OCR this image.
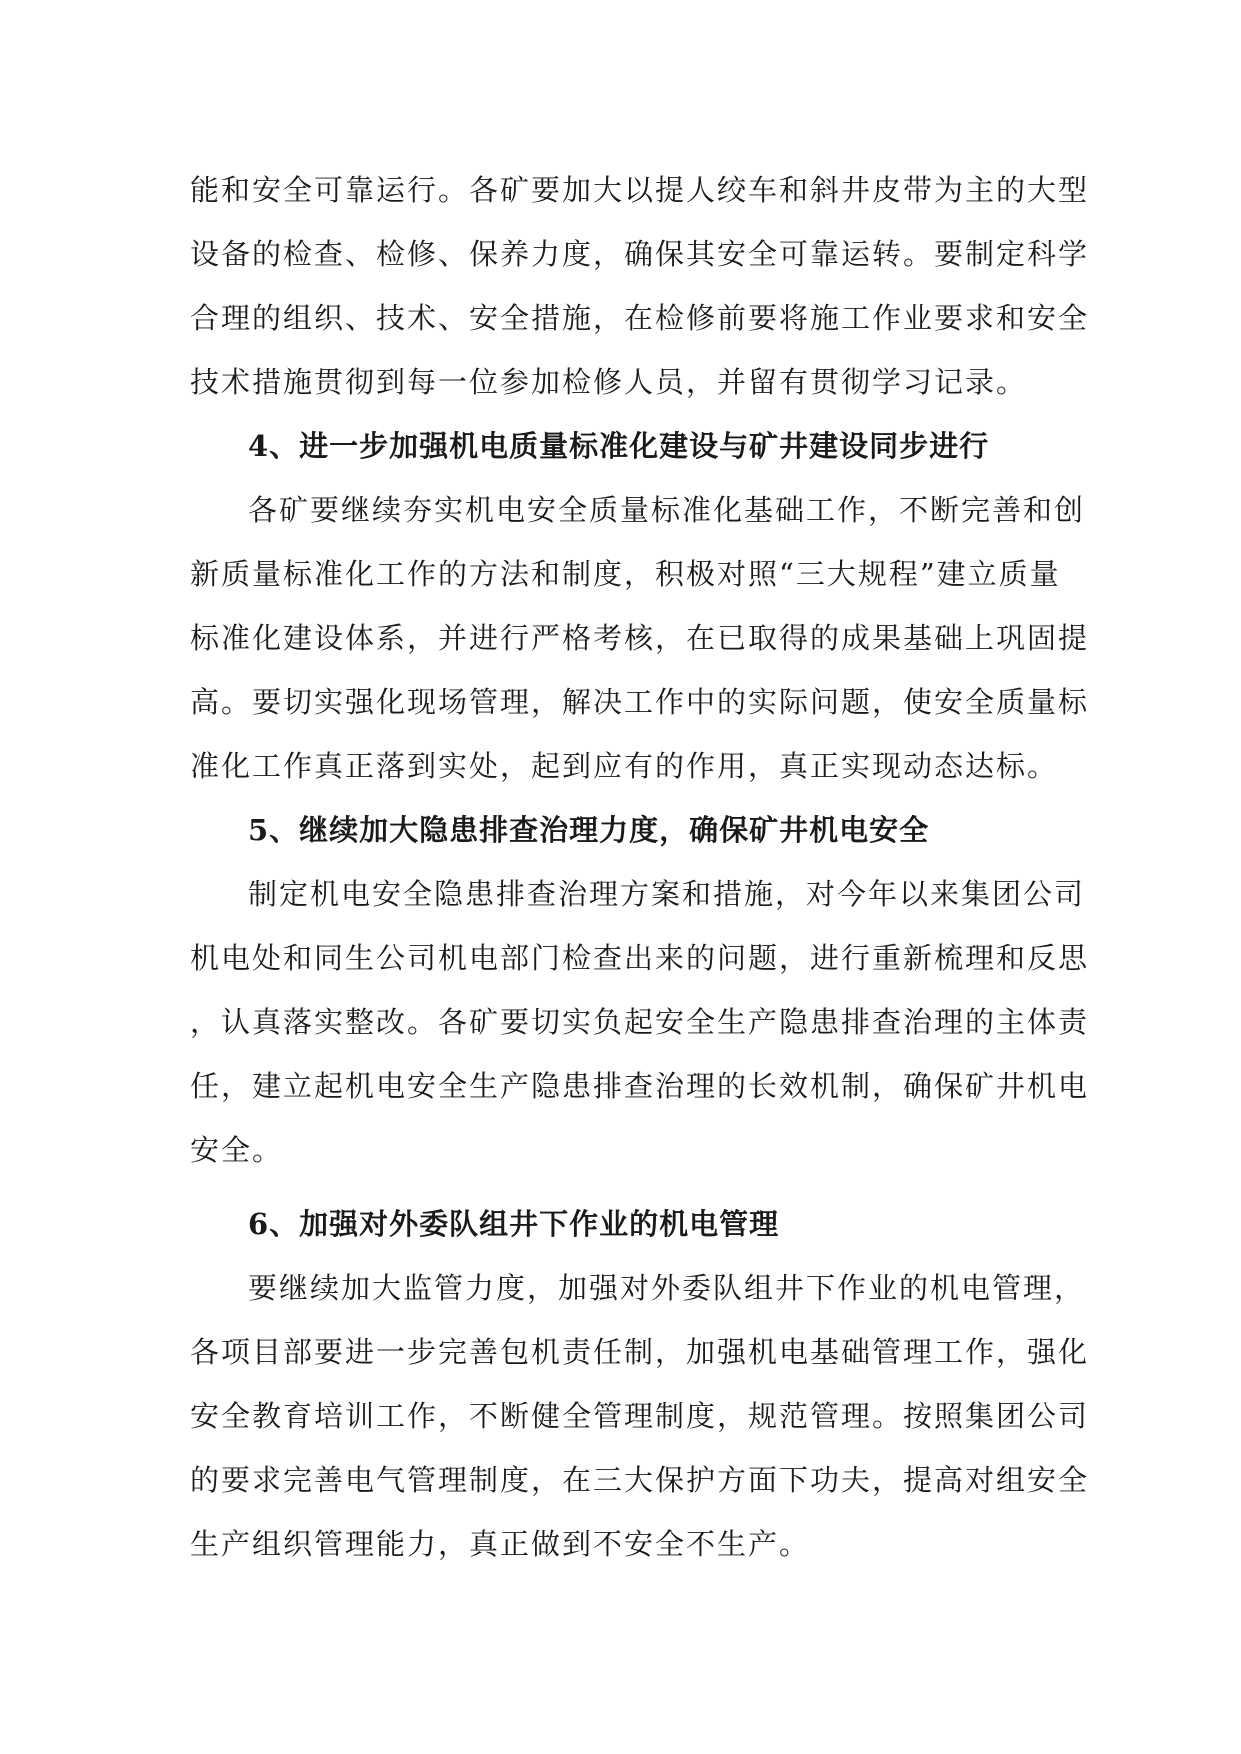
能和安全可靠运行。各矿要加大以提人绞车和斜井皮带为主的大型
设备的检查、检修、保养力度，确保其安全可靠运转。要制定科学
合理的组织、技术、安全措施，在检修前要将施工作业要求和安全
技术措施贯彻到每一位参加检修人员，并留有贯彻学习记录。
4、进一步加强机电质量标准化建设与矿井建设同步进行
各矿要继续夯实机电安全质量标准化基础工作，不断完善和创
新质量标准化工作的方法和制度，积极对照“三大规程”建立质量
标准化建设体系，并进行严格考核，在已取得的成果基础上巩固提
高。要切实强化现场管理，解决工作中的实际问题，使安全质量标
准化工作真正落到实处，起到应有的作用，真正实现动态达标。
5、继续加大隐患排查治理力度，确保矿井机电安全
制定机电安全隐患排查治理方案和措施，对今年以来集团公司
机电处和同生公司机电部门检查出来的问题，进行重新梳理和反思
，认真落实整改。各矿要切实负起安全生产隐患排查治理的主体责
任，建立起机电安全生产隐患排查治理的长效机制，确保矿井机电
安全。
6、加强对外委队组井下作业的机电管理
要继续加大监管力度，加强对外委队组井下作业的机电管理，
各项目部要进一步完善包机责任制，加强机电基础管理工作，强化
安全教育培训工作，不断健全管理制度，规范管理。按照集团公司
的要求完善电气管理制度，在三大保护方面下功夫，提高对组安全
生产组织管理能力，真正做到不安全不生产。
